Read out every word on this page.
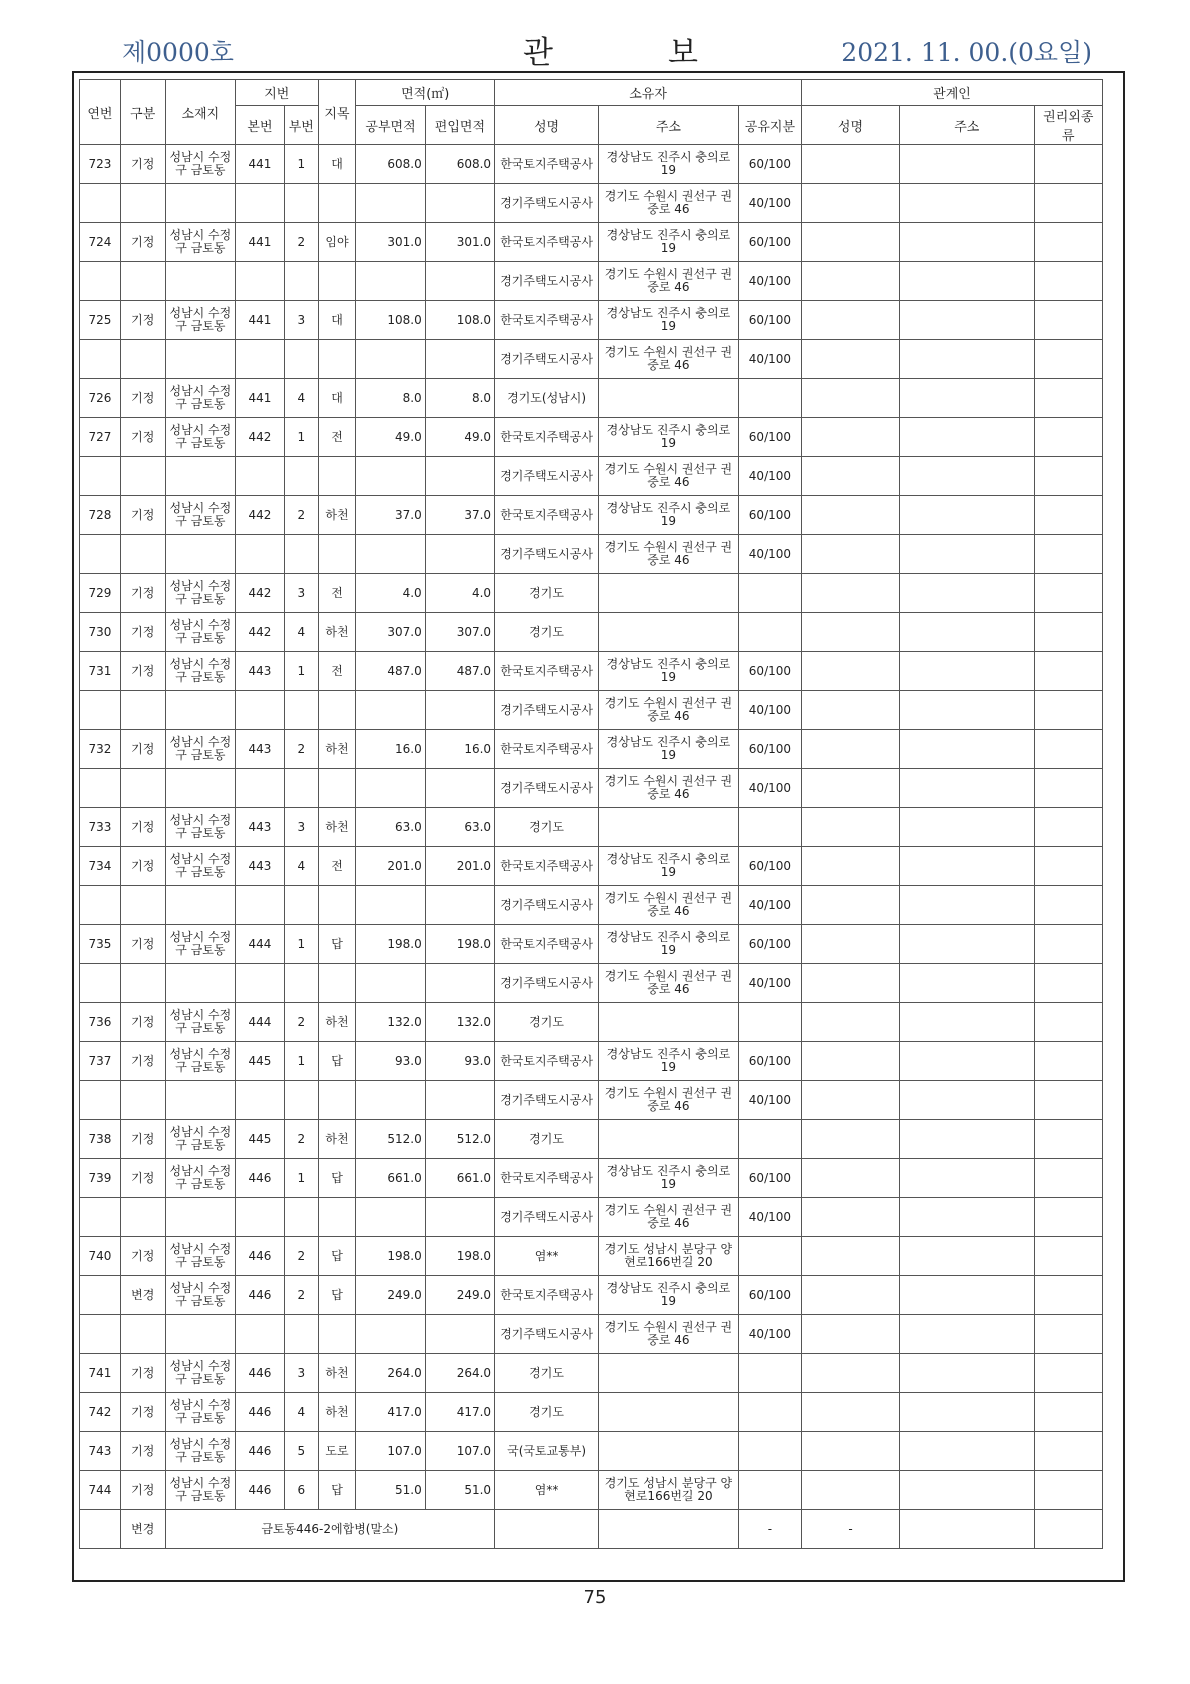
제0000호	관	보	2021. 11. 00.(0요일)
연번	구분	소재지	지번		지목	면적(㎡)		소유자			관계인		
			본번	부번		공부면적	편입면적	성명	주소	공유지분	성명	주소	권리외종류
723	기정	성남시 수정구 금토동	441	1	대	608.0	608.0	한국토지주택공사	경상남도 진주시 충의로 19	60/100			
								경기주택도시공사	경기도 수원시 권선구 권중로 46	40/100			
724	기정	성남시 수정구 금토동	441	2	임야	301.0	301.0	한국토지주택공사	경상남도 진주시 충의로 19	60/100			
								경기주택도시공사	경기도 수원시 권선구 권중로 46	40/100			
725	기정	성남시 수정구 금토동	441	3	대	108.0	108.0	한국토지주택공사	경상남도 진주시 충의로 19	60/100			
								경기주택도시공사	경기도 수원시 권선구 권중로 46	40/100			
726	기정	성남시 수정구 금토동	441	4	대	8.0	8.0	경기도(성남시)					
727	기정	성남시 수정구 금토동	442	1	전	49.0	49.0	한국토지주택공사	경상남도 진주시 충의로 19	60/100			
								경기주택도시공사	경기도 수원시 권선구 권중로 46	40/100			
728	기정	성남시 수정구 금토동	442	2	하천	37.0	37.0	한국토지주택공사	경상남도 진주시 충의로 19	60/100			
								경기주택도시공사	경기도 수원시 권선구 권중로 46	40/100			
729	기정	성남시 수정구 금토동	442	3	전	4.0	4.0	경기도					
730	기정	성남시 수정구 금토동	442	4	하천	307.0	307.0	경기도					
731	기정	성남시 수정구 금토동	443	1	전	487.0	487.0	한국토지주택공사	경상남도 진주시 충의로 19	60/100			
								경기주택도시공사	경기도 수원시 권선구 권중로 46	40/100			
732	기정	성남시 수정구 금토동	443	2	하천	16.0	16.0	한국토지주택공사	경상남도 진주시 충의로 19	60/100			
								경기주택도시공사	경기도 수원시 권선구 권중로 46	40/100			
733	기정	성남시 수정구 금토동	443	3	하천	63.0	63.0	경기도					
734	기정	성남시 수정구 금토동	443	4	전	201.0	201.0	한국토지주택공사	경상남도 진주시 충의로 19	60/100			
								경기주택도시공사	경기도 수원시 권선구 권중로 46	40/100			
735	기정	성남시 수정구 금토동	444	1	답	198.0	198.0	한국토지주택공사	경상남도 진주시 충의로 19	60/100			
								경기주택도시공사	경기도 수원시 권선구 권중로 46	40/100			
736	기정	성남시 수정구 금토동	444	2	하천	132.0	132.0	경기도					
737	기정	성남시 수정구 금토동	445	1	답	93.0	93.0	한국토지주택공사	경상남도 진주시 충의로 19	60/100			
								경기주택도시공사	경기도 수원시 권선구 권중로 46	40/100			
738	기정	성남시 수정구 금토동	445	2	하천	512.0	512.0	경기도					
739	기정	성남시 수정구 금토동	446	1	답	661.0	661.0	한국토지주택공사	경상남도 진주시 충의로 19	60/100			
								경기주택도시공사	경기도 수원시 권선구 권중로 46	40/100			
740	기정	성남시 수정구 금토동	446	2	답	198.0	198.0	염**	경기도 성남시 분당구 양현로166번길 20				
	변경	성남시 수정구 금토동	446	2	답	249.0	249.0	한국토지주택공사	경상남도 진주시 충의로 19	60/100			
								경기주택도시공사	경기도 수원시 권선구 권중로 46	40/100			
741	기정	성남시 수정구 금토동	446	3	하천	264.0	264.0	경기도					
742	기정	성남시 수정구 금토동	446	4	하천	417.0	417.0	경기도					
743	기정	성남시 수정구 금토동	446	5	도로	107.0	107.0	국(국토교통부)					
744	기정	성남시 수정구 금토동	446	6	답	51.0	51.0	염**	경기도 성남시 분당구 양현로166번길 20				
	변경	금토동446-2에합병(말소)								-	-		
75
